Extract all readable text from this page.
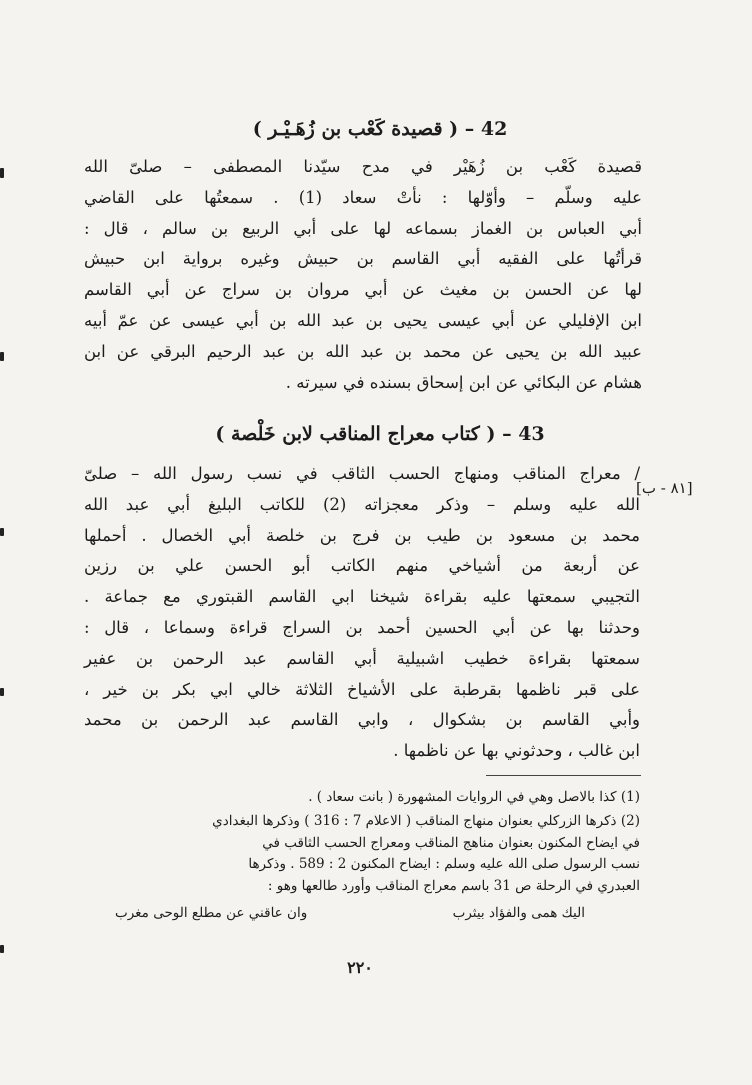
42 – ( قصيدة كَعْب بن زُهَـيْـر )

قصيدة كَعْب بن زُهَيْر في مدح سيّدنا المصطفى – صلىّ الله

عليه وسلّم – وأوّلها : نأتْ سعاد (1) . سمعتُها على القاضي

أبي العباس بن الغماز بسماعه لها على أبي الربيع بن سالم ، قال :

قرأتُها على الفقيه أبي القاسم بن حبيش وغيره برواية ابن حبيش

لها عن الحسن بن مغيث عن أبي مروان بن سراج عن أبي القاسم

ابن الإفليلي عن أبي عيسى يحيى بن عبد الله بن أبي عيسى عن عمّ أبيه

عبيد الله بن يحيى عن محمد بن عبد الله بن عبد الرحيم البرقي عن ابن

هشام عن البكائي عن ابن إسحاق بسنده في سيرته .

43 – ( كتاب معراج المناقب لابن خَلْصة )
[٨١ - ب]

/ معراج المناقب ومنهاج الحسب الثاقب في نسب رسول الله – صلىّ

الله عليه وسلم – وذكر معجزاته (2) للكاتب البليغ أبي عبد الله

محمد بن مسعود بن طيب بن فرج بن خلصة أبي الخصال . أحملها

عن أربعة من أشياخي منهم الكاتب أبو الحسن علي بن رزين

التجيبي سمعتها عليه بقراءة شيخنا ابي القاسم القبتوري مع جماعة .

وحدثنا بها عن أبي الحسين أحمد بن السراج قراءة وسماعا ، قال :

سمعتها بقراءة خطيب اشبيلية أبي القاسم عبد الرحمن بن عفير

على قبر ناظمها بقرطبة على الأشياخ الثلاثة خالي ابي بكر بن خير ،

وأبي القاسم بن بشكوال ، وابي القاسم عبد الرحمن بن محمد

ابن غالب ، وحدثوني بها عن ناظمها .

(1) كذا بالاصل وهي في الروايات المشهورة ( بانت سعاد ) .

(2) ذكرها الزركلي بعنوان منهاج المناقب ( الاعلام 7 : 316 ) وذكرها البغدادي

في ايضاح المكنون بعنوان مناهج المناقب ومعراج الحسب الثاقب في

نسب الرسول صلى الله عليه وسلم : ايضاح المكنون 2 : 589 . وذكرها

العبدري في الرحلة ص 31 باسم معراج المناقب وأورد طالعها وهو :

اليك همى والفؤاد بيثرب
وان عاقني عن مطلع الوحى مغرب
٢٢٠
